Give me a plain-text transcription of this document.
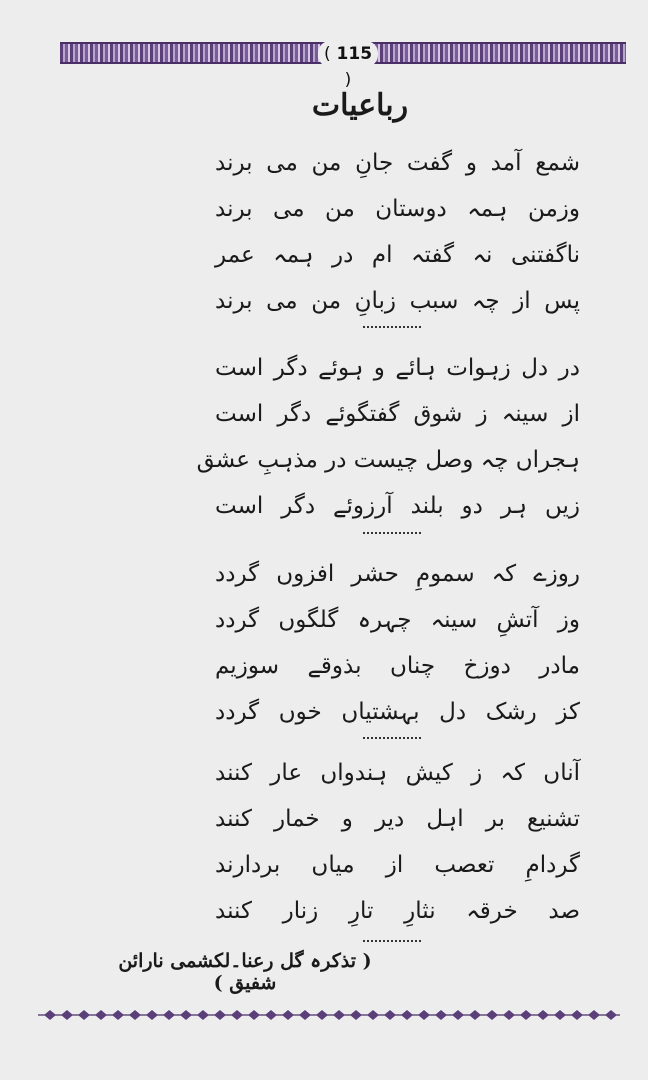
( 115 )
رباعیات
شمع آمد و گفت جانِ من می برند
وزمن ہمہ دوستان من می برند
ناگفتنی نہ گفتہ ام در ہمہ عمر
پس از چہ سبب زبانِ من می برند
در دل زہوات ہائے و ہوئے دگر است
از سینہ ز شوق گفتگوئے دگر است
ہجراں چہ وصل چیست در مذہبِ عشق
زیں ہر دو بلند آرزوئے دگر است
روزے کہ سمومِ حشر افزوں گردد
وز آتشِ سینہ چہرہ گلگوں گردد
مادر دوزخ چناں بذوقے سوزیم
کز رشک دل بہشتیاں خوں گردد
آناں کہ ز کیش ہندواں عار کنند
تشنیع بر اہل دیر و خمار کنند
گردامِ تعصب از میاں بردارند
صد خرقہ نثارِ تارِ زنار کنند
( تذکرہ گل رعنا۔لکشمی نارائن شفیق )
